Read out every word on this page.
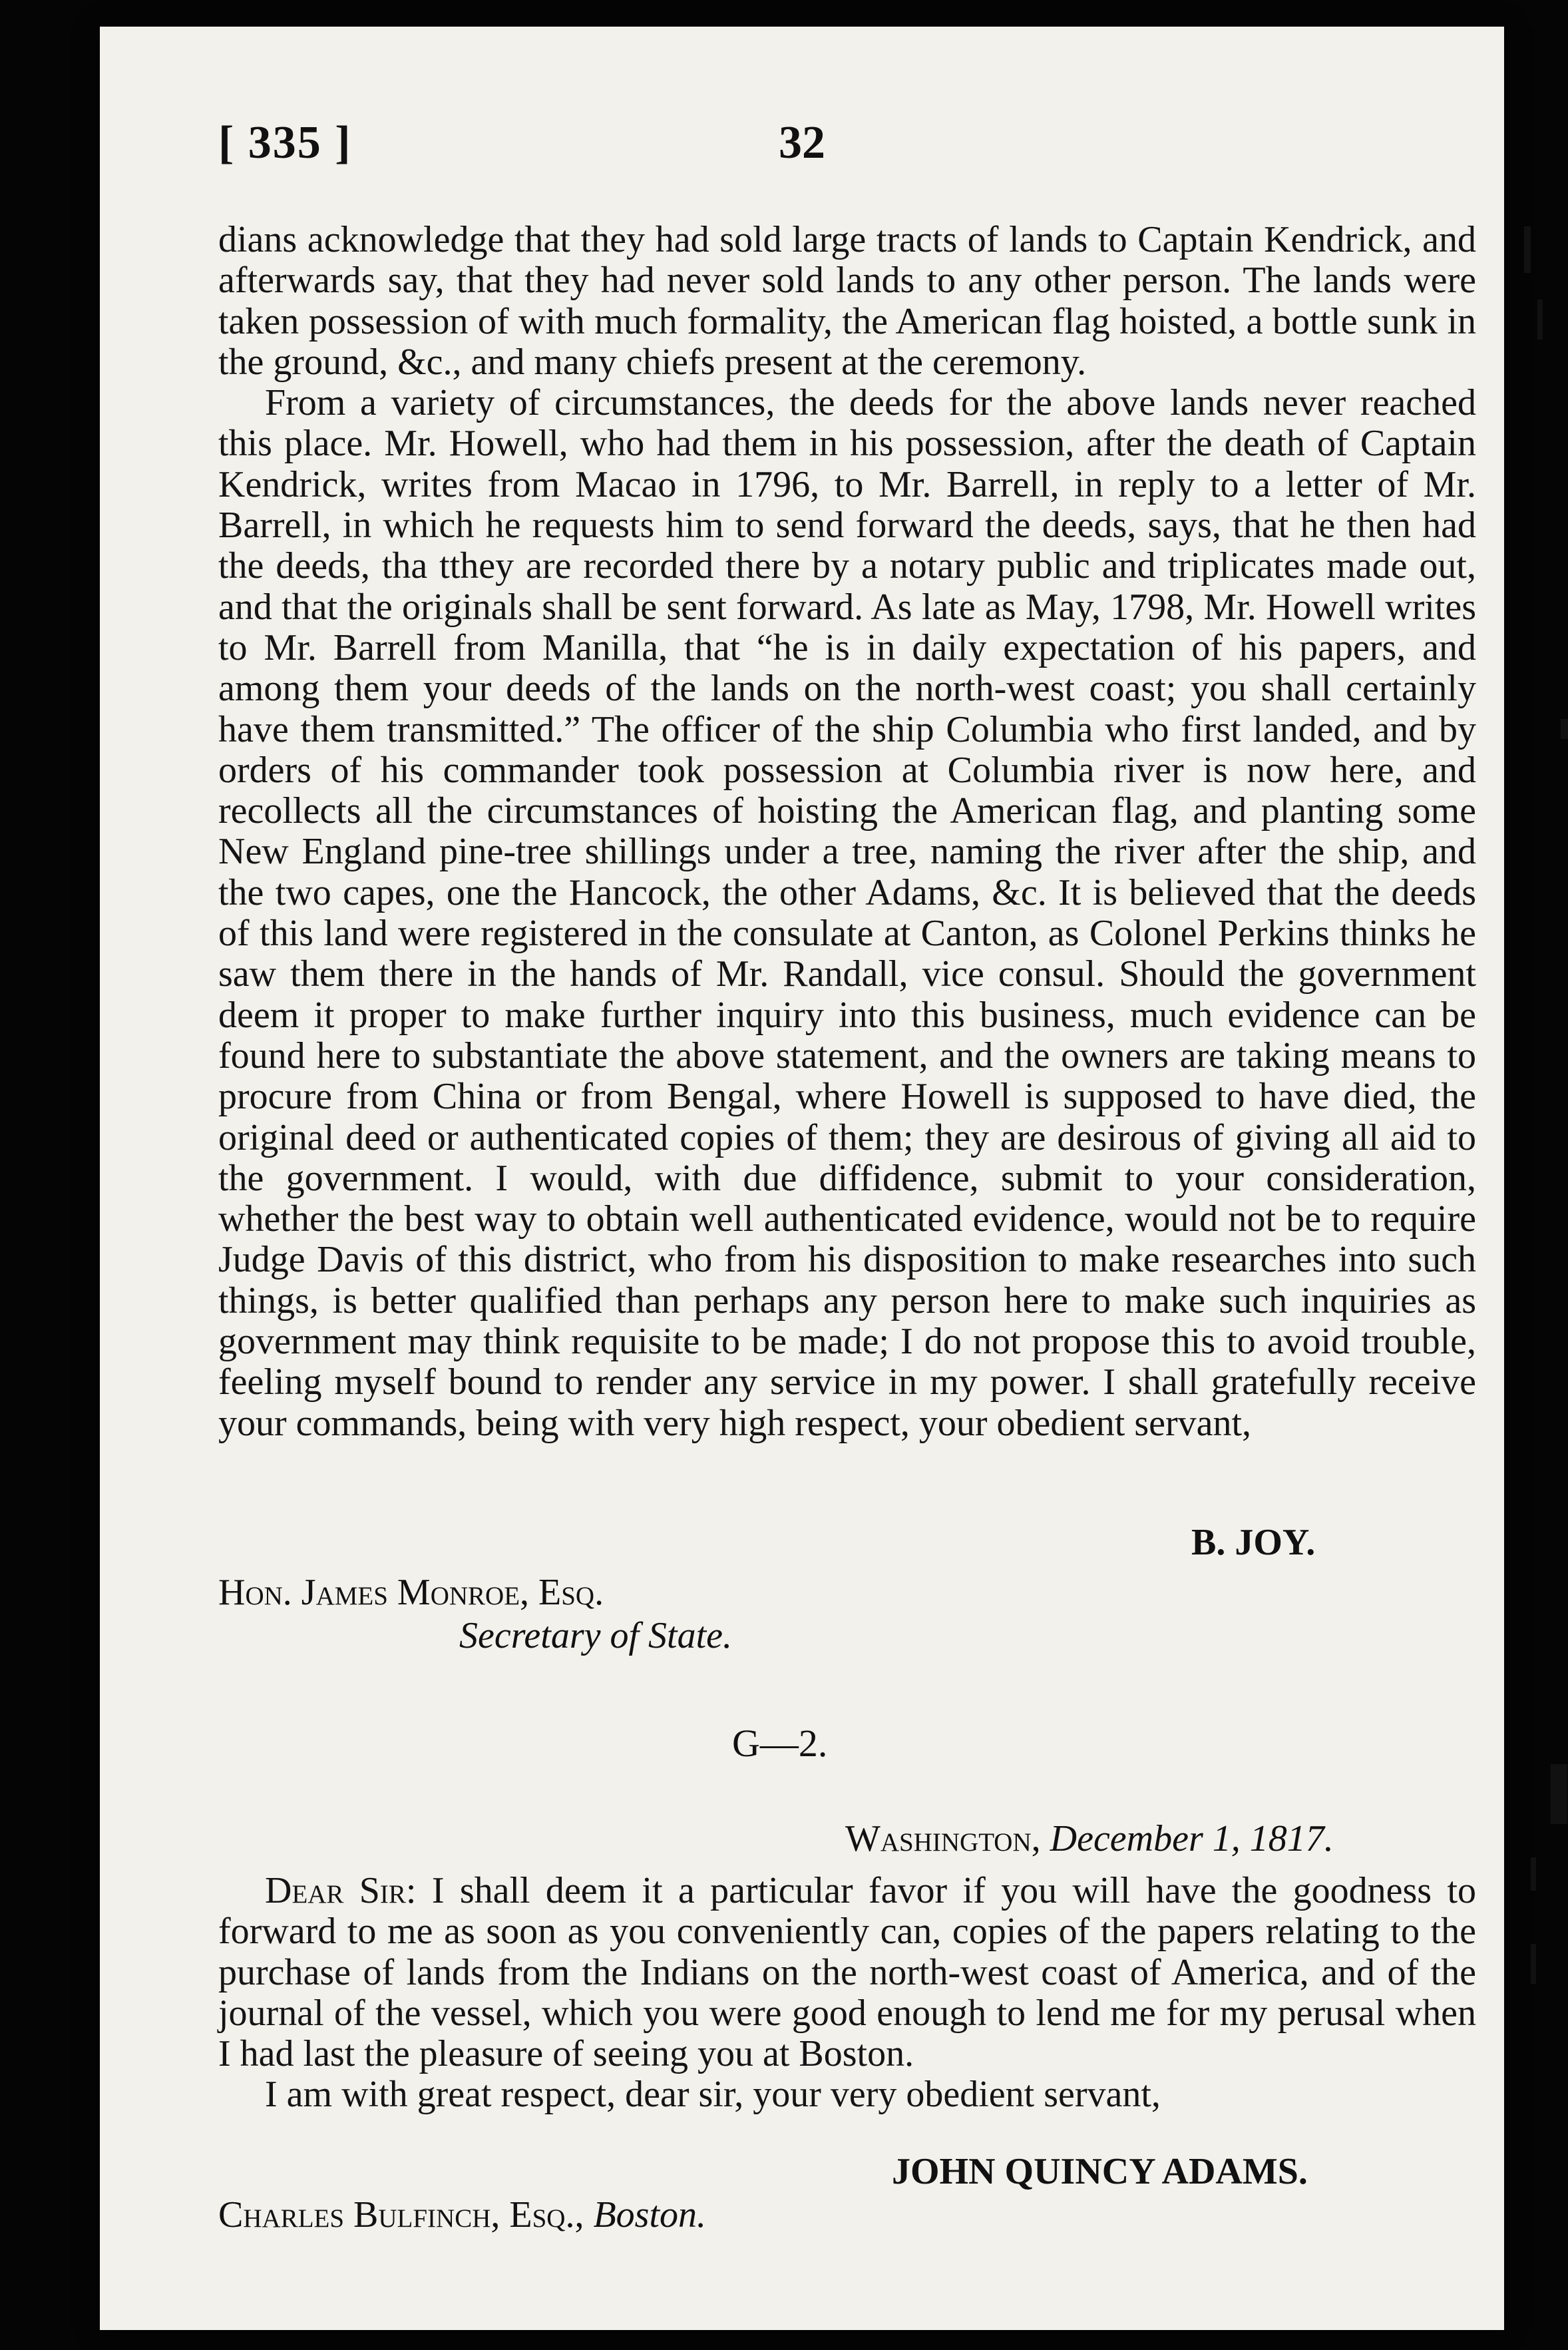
[ 335 ]	32

dians acknowledge that they had sold large tracts of lands to Captain Kendrick, and afterwards say, that they had never sold lands to any other person. The lands were taken possession of with much formality, the American flag hoisted, a bottle sunk in the ground, &c., and many chiefs present at the ceremony.

From a variety of circumstances, the deeds for the above lands never reached this place. Mr. Howell, who had them in his possession, after the death of Captain Kendrick, writes from Macao in 1796, to Mr. Barrell, in reply to a letter of Mr. Barrell, in which he requests him to send forward the deeds, says, that he then had the deeds, tha tthey are recorded there by a notary public and triplicates made out, and that the originals shall be sent forward. As late as May, 1798, Mr. Howell writes to Mr. Barrell from Manilla, that “he is in daily expectation of his papers, and among them your deeds of the lands on the north-west coast; you shall certainly have them transmitted.” The officer of the ship Columbia who first landed, and by orders of his commander took possession at Columbia river is now here, and recollects all the circumstances of hoisting the American flag, and planting some New England pine-tree shillings under a tree, naming the river after the ship, and the two capes, one the Hancock, the other Adams, &c. It is believed that the deeds of this land were registered in the consulate at Canton, as Colonel Perkins thinks he saw them there in the hands of Mr. Randall, vice consul. Should the government deem it proper to make further inquiry into this business, much evidence can be found here to substantiate the above statement, and the owners are taking means to procure from China or from Bengal, where Howell is supposed to have died, the original deed or authenticated copies of them; they are desirous of giving all aid to the government. I would, with due diffidence, submit to your consideration, whether the best way to obtain well authenticated evidence, would not be to require Judge Davis of this district, who from his disposition to make researches into such things, is better qualified than perhaps any person here to make such inquiries as government may think requisite to be made; I do not propose this to avoid trouble, feeling myself bound to render any service in my power. I shall gratefully receive your commands, being with very high respect, your obedient servant,

B. JOY.
Hon. James Monroe, Esq.
Secretary of State.
G—2.
Washington, December 1, 1817.

Dear Sir: I shall deem it a particular favor if you will have the goodness to forward to me as soon as you conveniently can, copies of the papers relating to the purchase of lands from the Indians on the north-west coast of America, and of the journal of the vessel, which you were good enough to lend me for my perusal when I had last the pleasure of seeing you at Boston.

I am with great respect, dear sir, your very obedient servant,

JOHN QUINCY ADAMS.
Charles Bulfinch, Esq., Boston.
